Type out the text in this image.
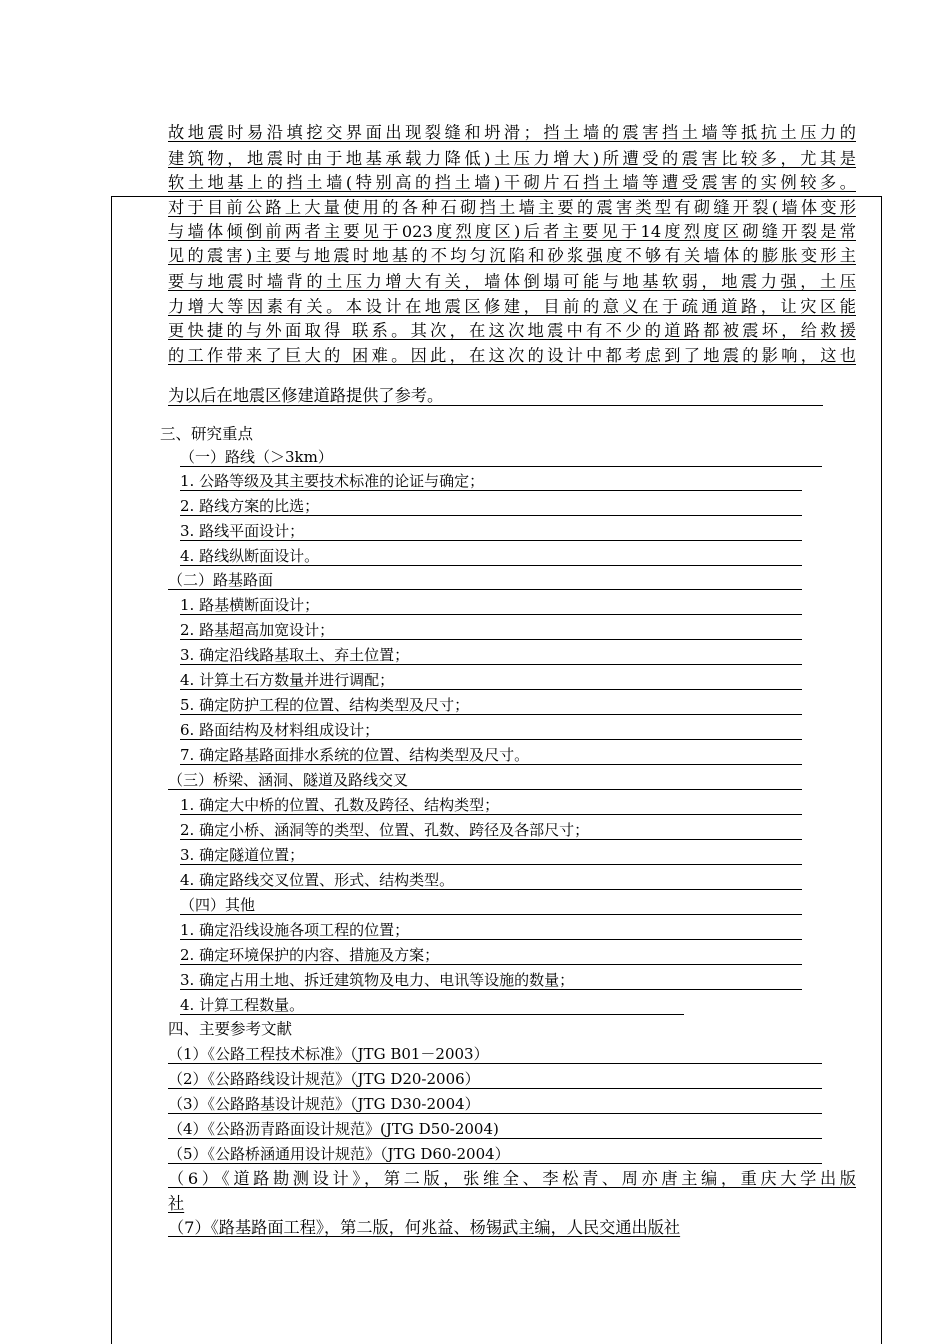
故地震时易沿填挖交界面出现裂缝和坍滑；挡土墙的震害挡土墙等抵抗土压力的

建筑物，地震时由于地基承载力降低)土压力增大)所遭受的震害比较多，尤其是

软土地基上的挡土墙(特别高的挡土墙)干砌片石挡土墙等遭受震害的实例较多。

对于目前公路上大量使用的各种石砌挡土墙主要的震害类型有砌缝开裂(墙体变形

与墙体倾倒前两者主要见于023度烈度区)后者主要见于14度烈度区砌缝开裂是常

见的震害)主要与地震时地基的不均匀沉陷和砂浆强度不够有关墙体的膨胀变形主

要与地震时墙背的土压力增大有关，墙体倒塌可能与地基软弱，地震力强，土压

力增大等因素有关。本设计在地震区修建，目前的意义在于疏通道路，让灾区能

更快捷的与外面取得 联系。其次，在这次地震中有不少的道路都被震坏，给救援

的工作带来了巨大的 困难。因此，在这次的设计中都考虑到了地震的影响，这也

为以后在地震区修建道路提供了参考。
三、研究重点
（一）路线（＞3km）
1. 公路等级及其主要技术标准的论证与确定；
2. 路线方案的比选；
3. 路线平面设计；
4. 路线纵断面设计。
（二）路基路面
1. 路基横断面设计；
2. 路基超高加宽设计；
3. 确定沿线路基取土、弃土位置；
4. 计算土石方数量并进行调配；
5. 确定防护工程的位置、结构类型及尺寸；
6. 路面结构及材料组成设计；
7. 确定路基路面排水系统的位置、结构类型及尺寸。
（三）桥梁、涵洞、隧道及路线交叉
1. 确定大中桥的位置、孔数及跨径、结构类型；
2. 确定小桥、涵洞等的类型、位置、孔数、跨径及各部尺寸；
3. 确定隧道位置；
4. 确定路线交叉位置、形式、结构类型。
（四）其他
1. 确定沿线设施各项工程的位置；
2. 确定环境保护的内容、措施及方案；
3. 确定占用土地、拆迁建筑物及电力、电讯等设施的数量；
4. 计算工程数量。
四、主要参考文献
（1）《公路工程技术标准》（JTG B01－2003）
（2）《公路路线设计规范》（JTG D20-2006）
（3）《公路路基设计规范》（JTG D30-2004）
（4）《公路沥青路面设计规范》(JTG D50-2004)
（5）《公路桥涵通用设计规范》（JTG D60-2004）

（6）《道路勘测设计》，第二版，张维全、李松青、周亦唐主编，重庆大学出版

社

（7）《路基路面工程》，第二版，何兆益、杨锡武主编，人民交通出版社
